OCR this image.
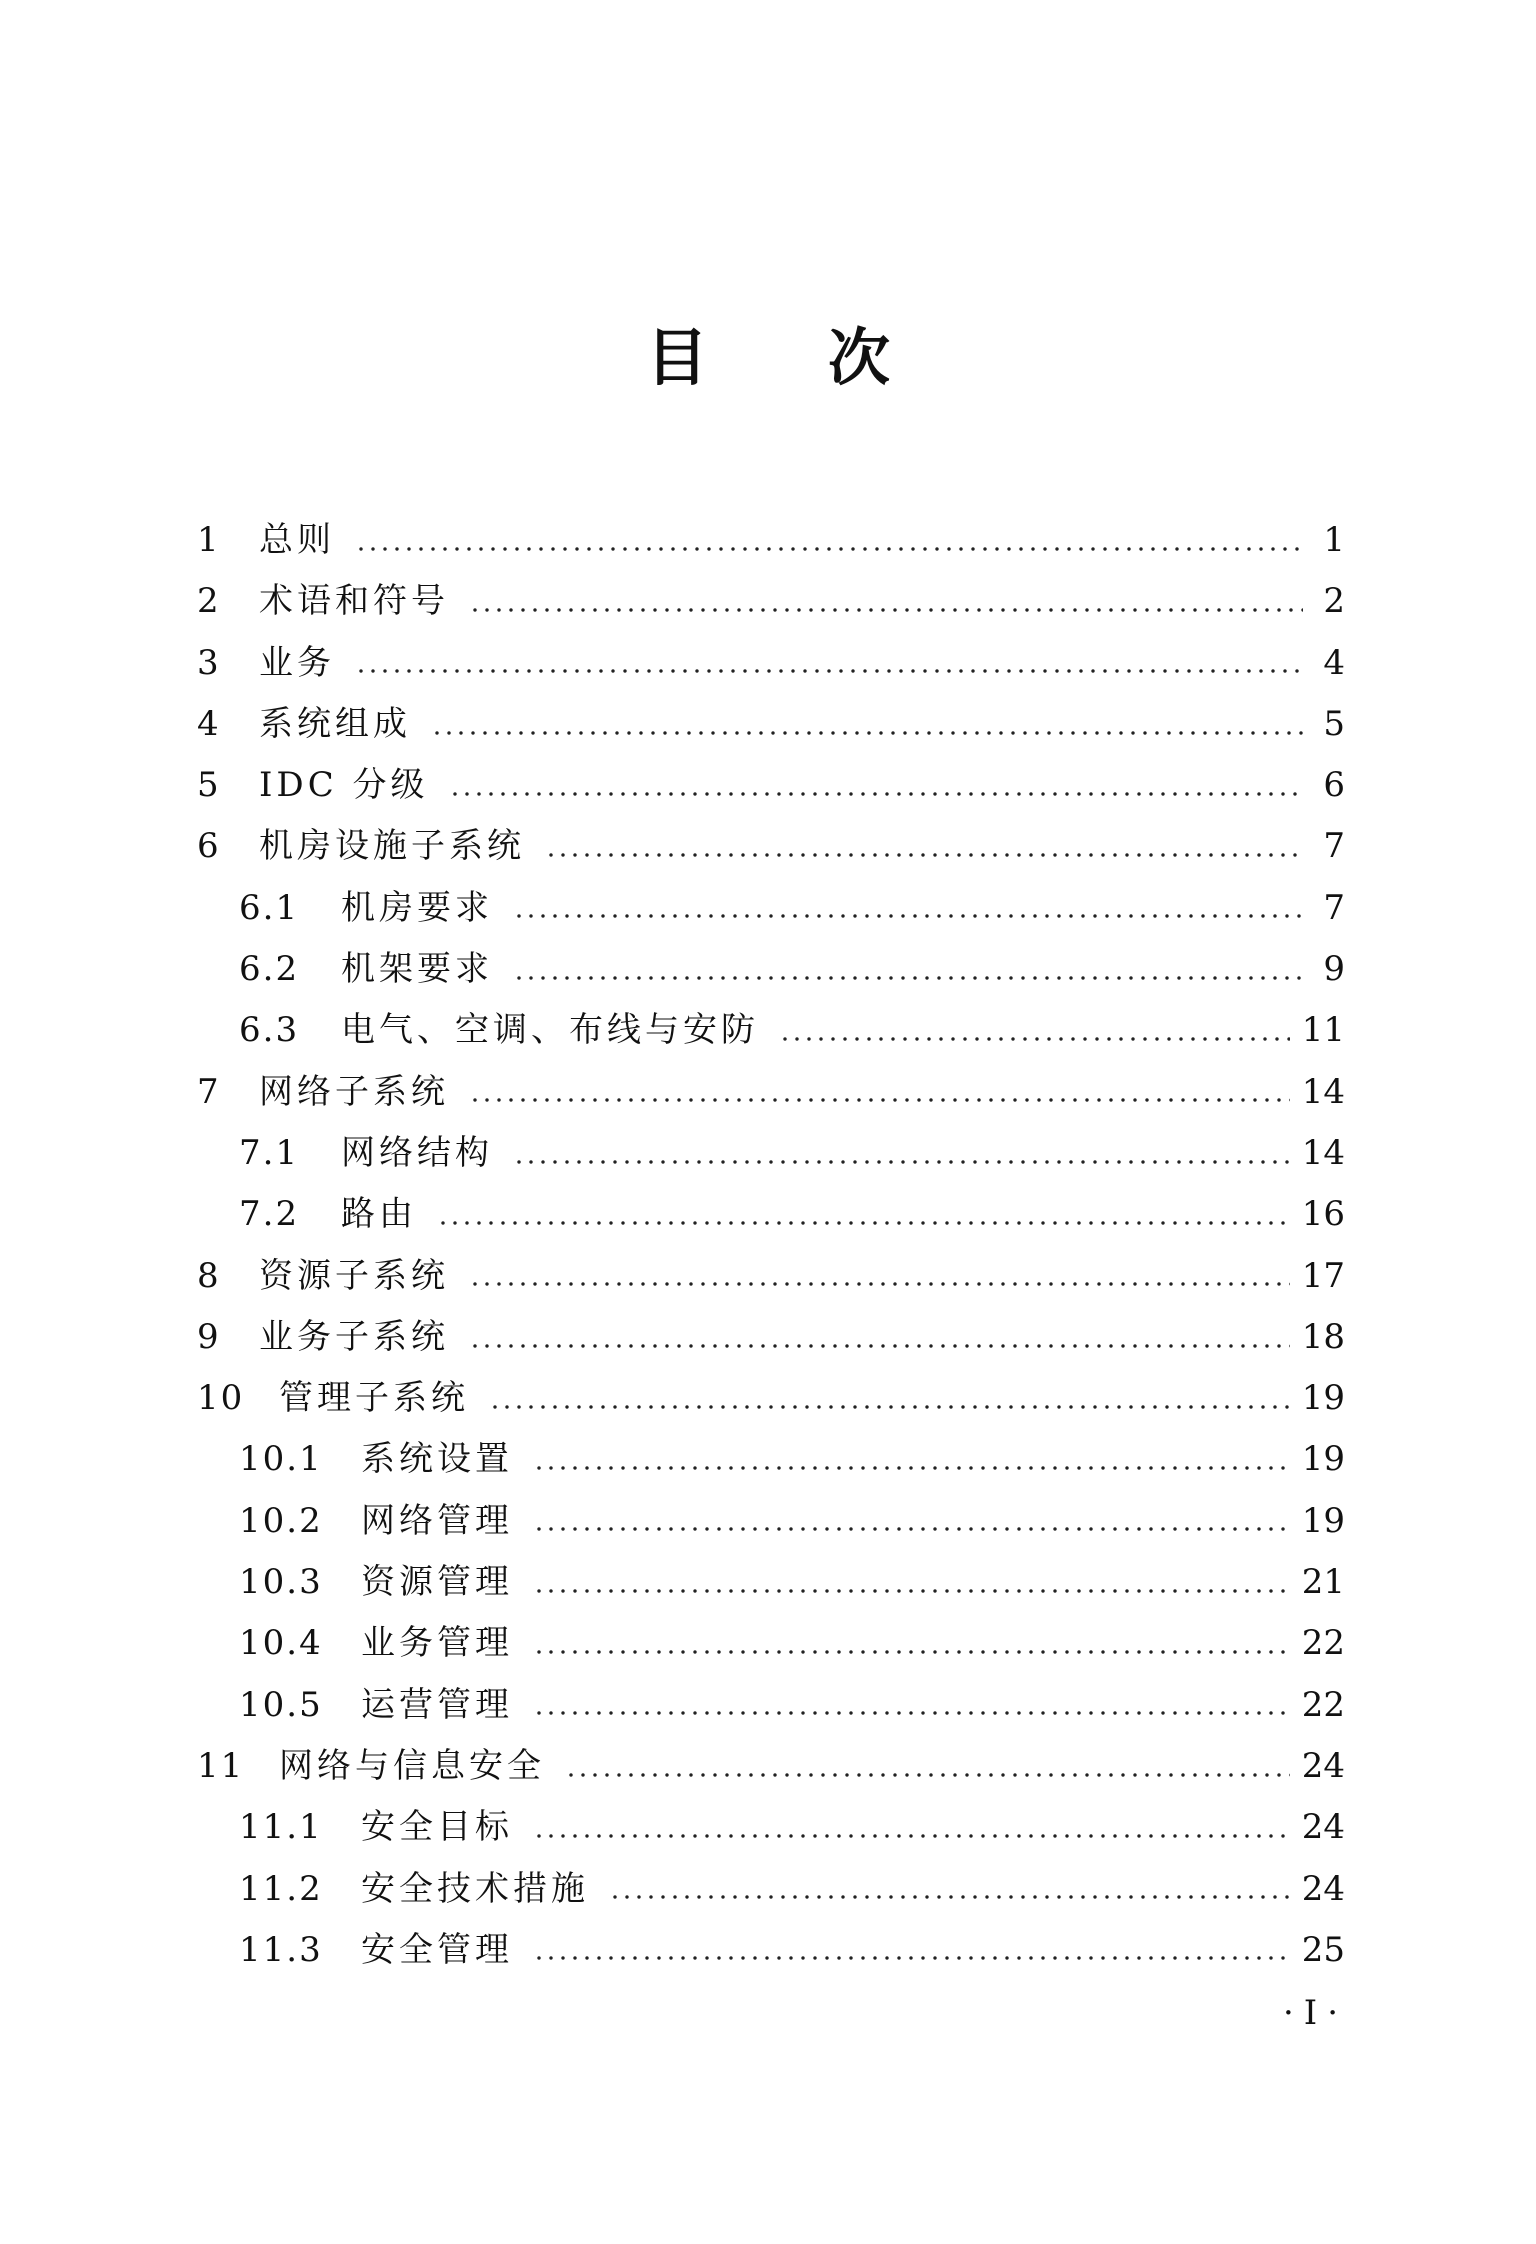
目 次
1	总则	1
2	术语和符号	2
3	业务	4
4	系统组成	5
5	IDC 分级	6
6	机房设施子系统	7
6.1	机房要求	7
6.2	机架要求	9
6.3	电气、空调、布线与安防	11
7	网络子系统	14
7.1	网络结构	14
7.2	路由	16
8	资源子系统	17
9	业务子系统	18
10	管理子系统	19
10.1	系统设置	19
10.2	网络管理	19
10.3	资源管理	21
10.4	业务管理	22
10.5	运营管理	22
11	网络与信息安全	24
11.1	安全目标	24
11.2	安全技术措施	24
11.3	安全管理	25
·I·
